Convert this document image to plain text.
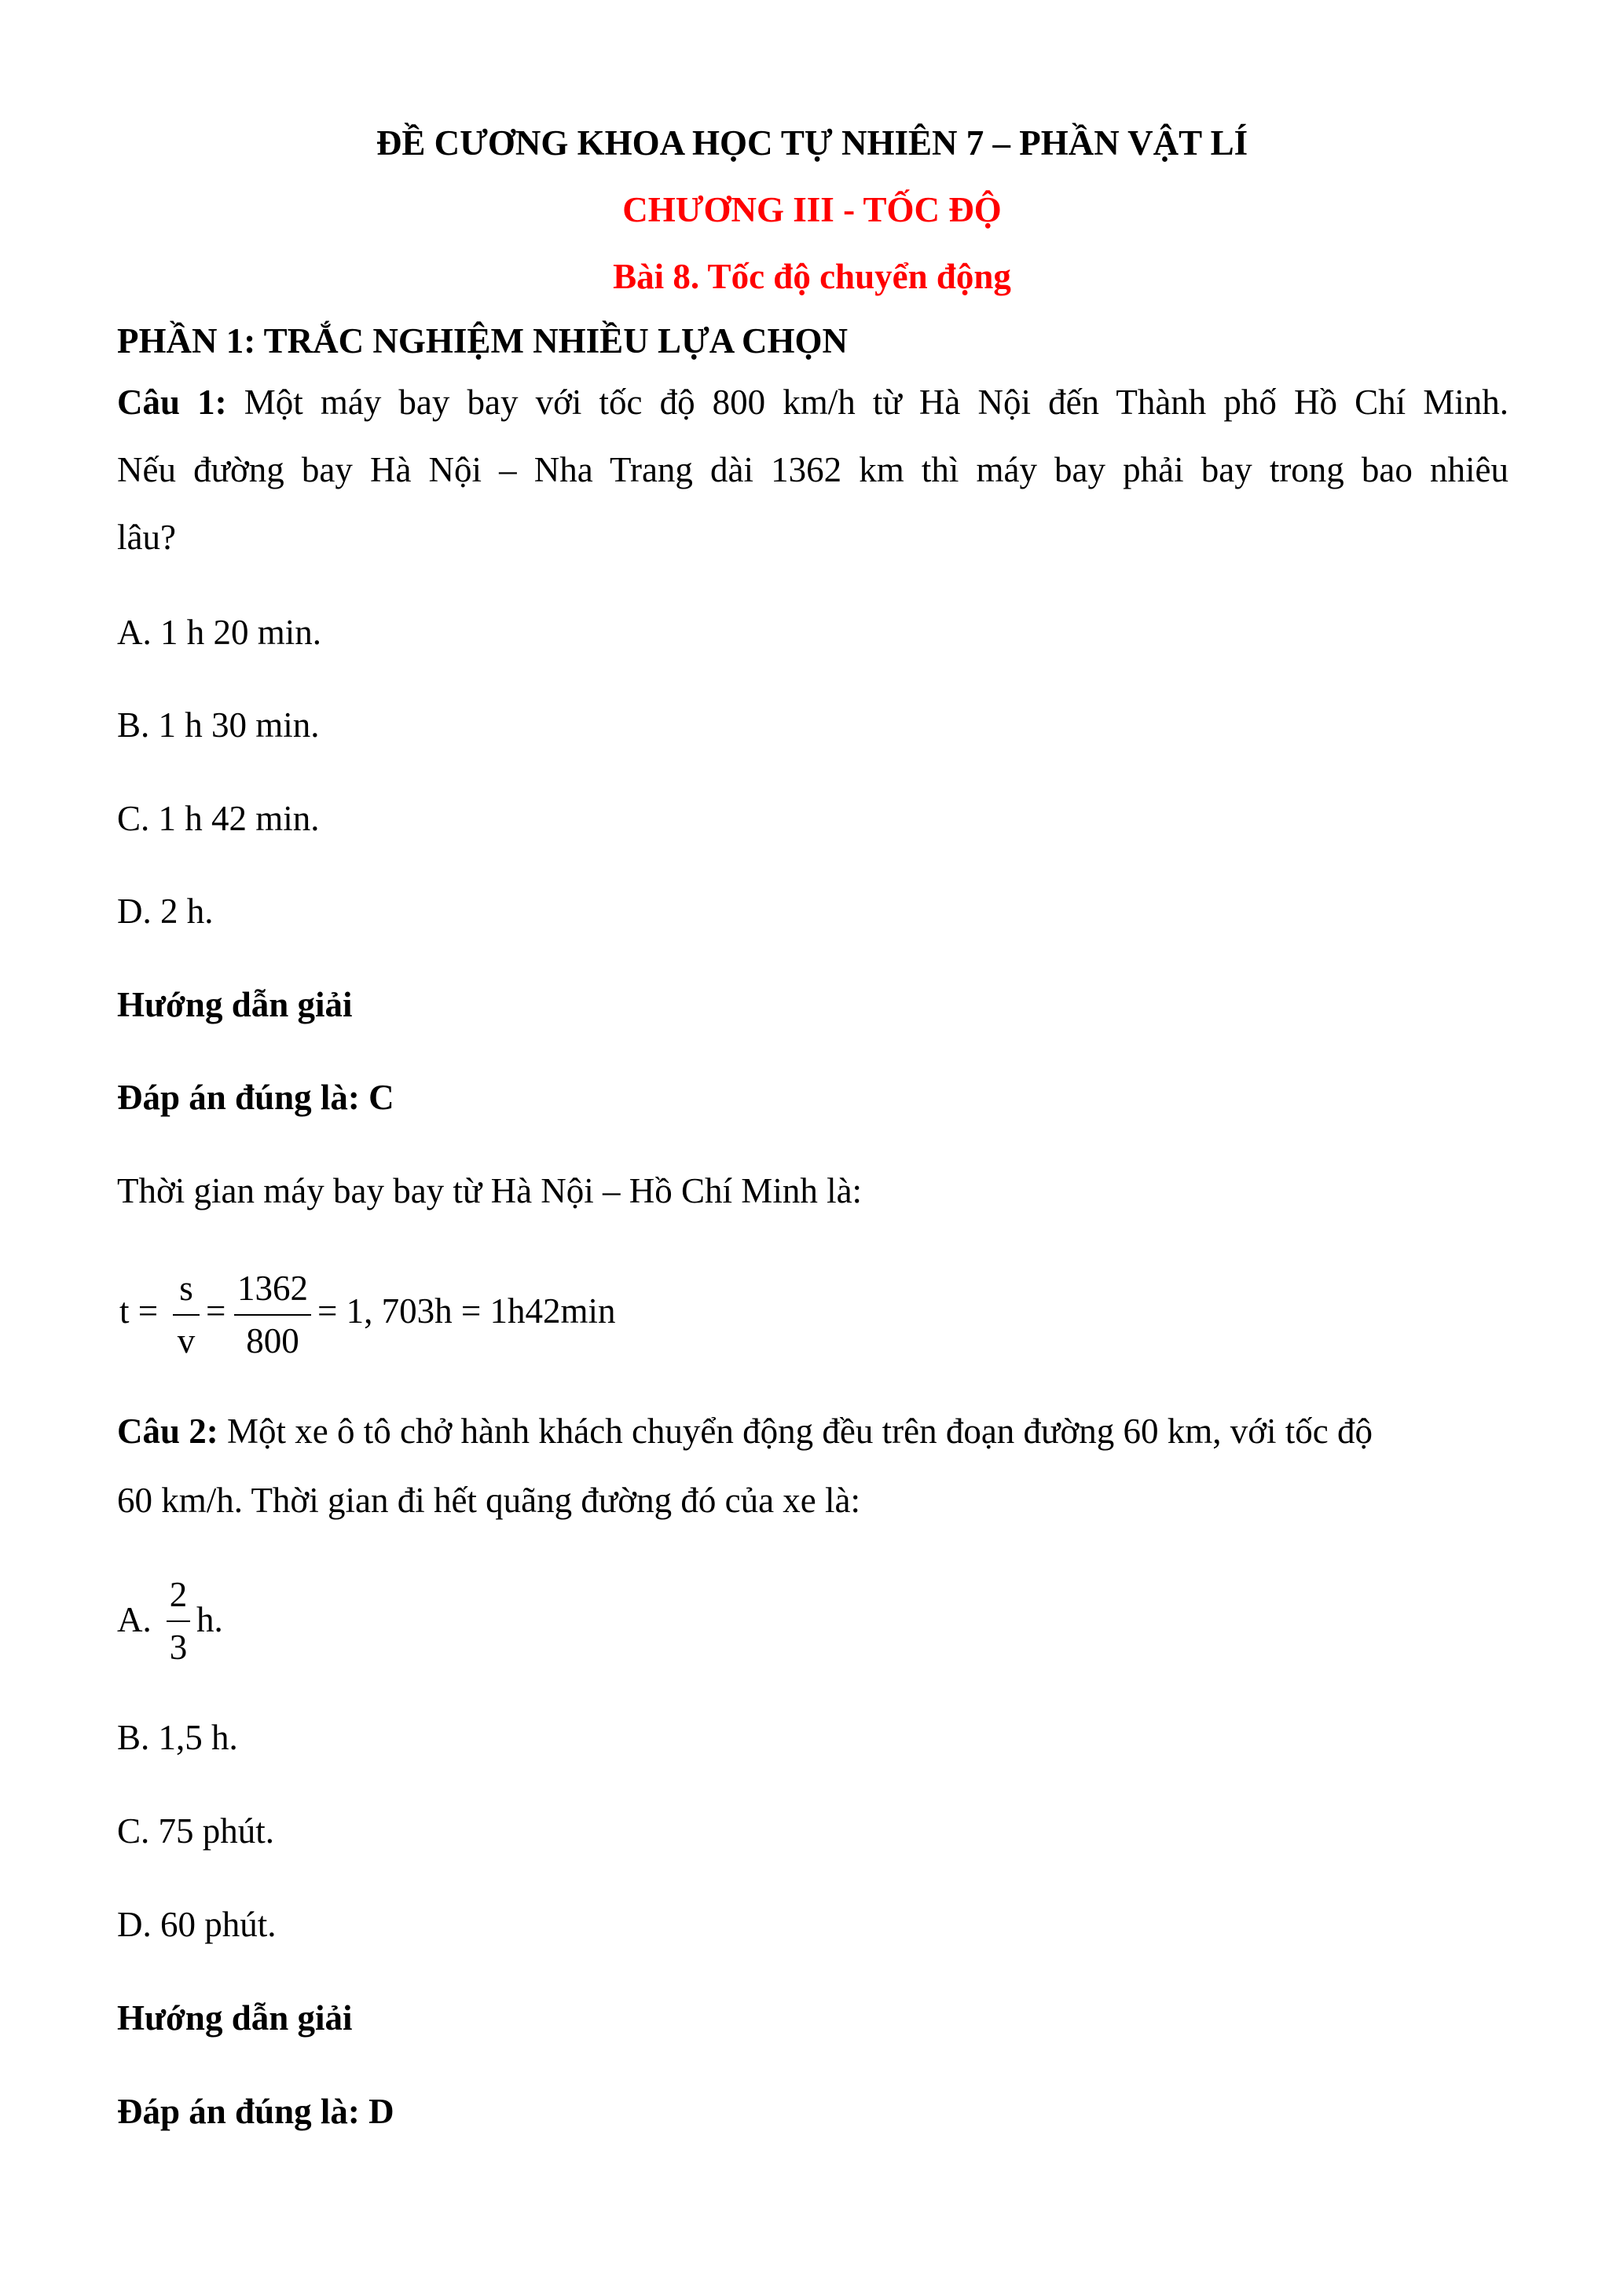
ĐỀ CƯƠNG KHOA HỌC TỰ NHIÊN 7 – PHẦN VẬT LÍ
CHƯƠNG III - TỐC ĐỘ
Bài 8. Tốc độ chuyển động
PHẦN 1: TRẮC NGHIỆM NHIỀU LỰA CHỌN
Câu 1: Một máy bay bay với tốc độ 800 km/h từ Hà Nội đến Thành phố Hồ Chí Minh.
Nếu đường bay Hà Nội – Nha Trang dài 1362 km thì máy bay phải bay trong bao nhiêu
lâu?
A. 1 h 20 min.
B. 1 h 30 min.
C. 1 h 42 min.
D. 2 h.
Hướng dẫn giải
Đáp án đúng là: C
Thời gian máy bay bay từ Hà Nội – Hồ Chí Minh là:
t =
s
v
=
1362
800
= 1, 703h = 1h42min
Câu 2: Một xe ô tô chở hành khách chuyển động đều trên đoạn đường 60 km, với tốc độ
60 km/h. Thời gian đi hết quãng đường đó của xe là:
A.
2
3
h.
B. 1,5 h.
C. 75 phút.
D. 60 phút.
Hướng dẫn giải
Đáp án đúng là: D
